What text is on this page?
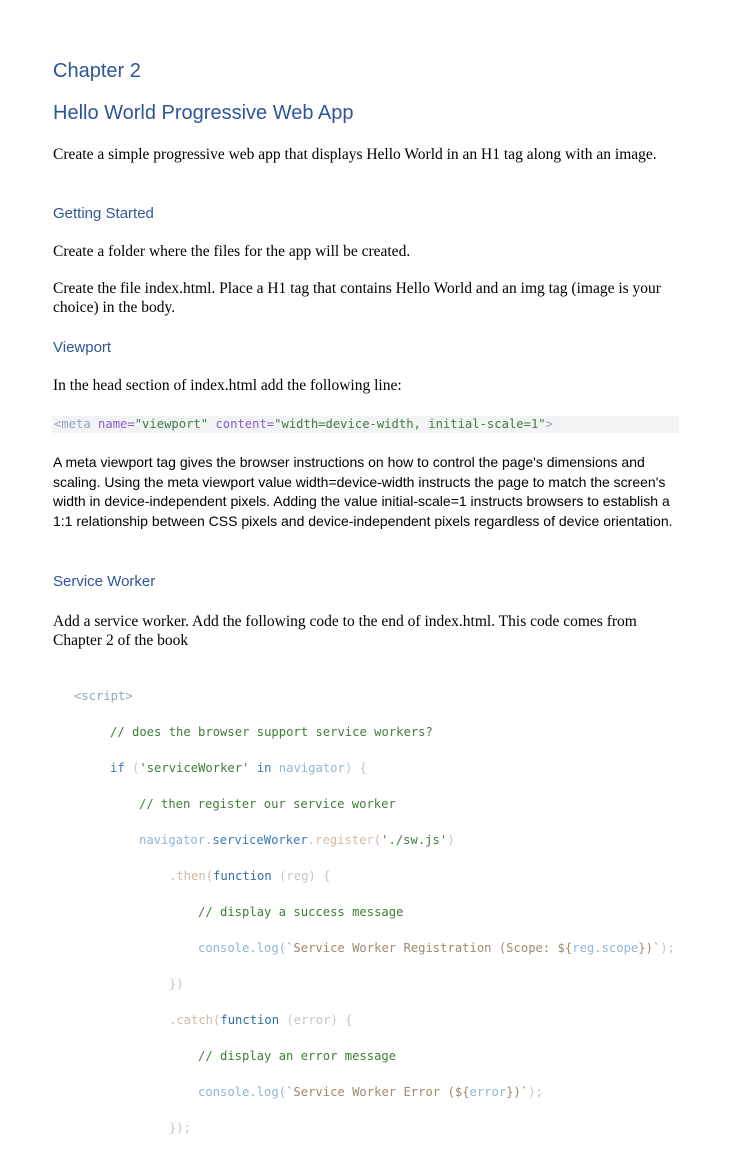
Chapter 2
Hello World Progressive Web App

Create a simple progressive web app that displays Hello World in an H1 tag along with an image.

Getting Started

Create a folder where the files for the app will be created.

Create the file index.html. Place a H1 tag that contains Hello World and an img tag (image is your choice) in the body.

Viewport

In the head section of index.html add the following line:

<meta name="viewport" content="width=device-width, initial-scale=1">

A meta viewport tag gives the browser instructions on how to control the page's dimensions and scaling. Using the meta viewport value width=device-width instructs the page to match the screen's width in device-independent pixels. Adding the value initial-scale=1 instructs browsers to establish a 1:1 relationship between CSS pixels and device-independent pixels regardless of device orientation.

Service Worker

Add a service worker. Add the following code to the end of index.html. This code comes from Chapter 2 of the book

<script>

// does the browser support service workers?

if ('serviceWorker' in navigator) {

// then register our service worker

navigator.serviceWorker.register('./sw.js')

.then(function (reg) {

// display a success message

console.log(`Service Worker Registration (Scope: ${reg.scope})`);

})

.catch(function (error) {

// display an error message

console.log(`Service Worker Error (${error})`);

});
